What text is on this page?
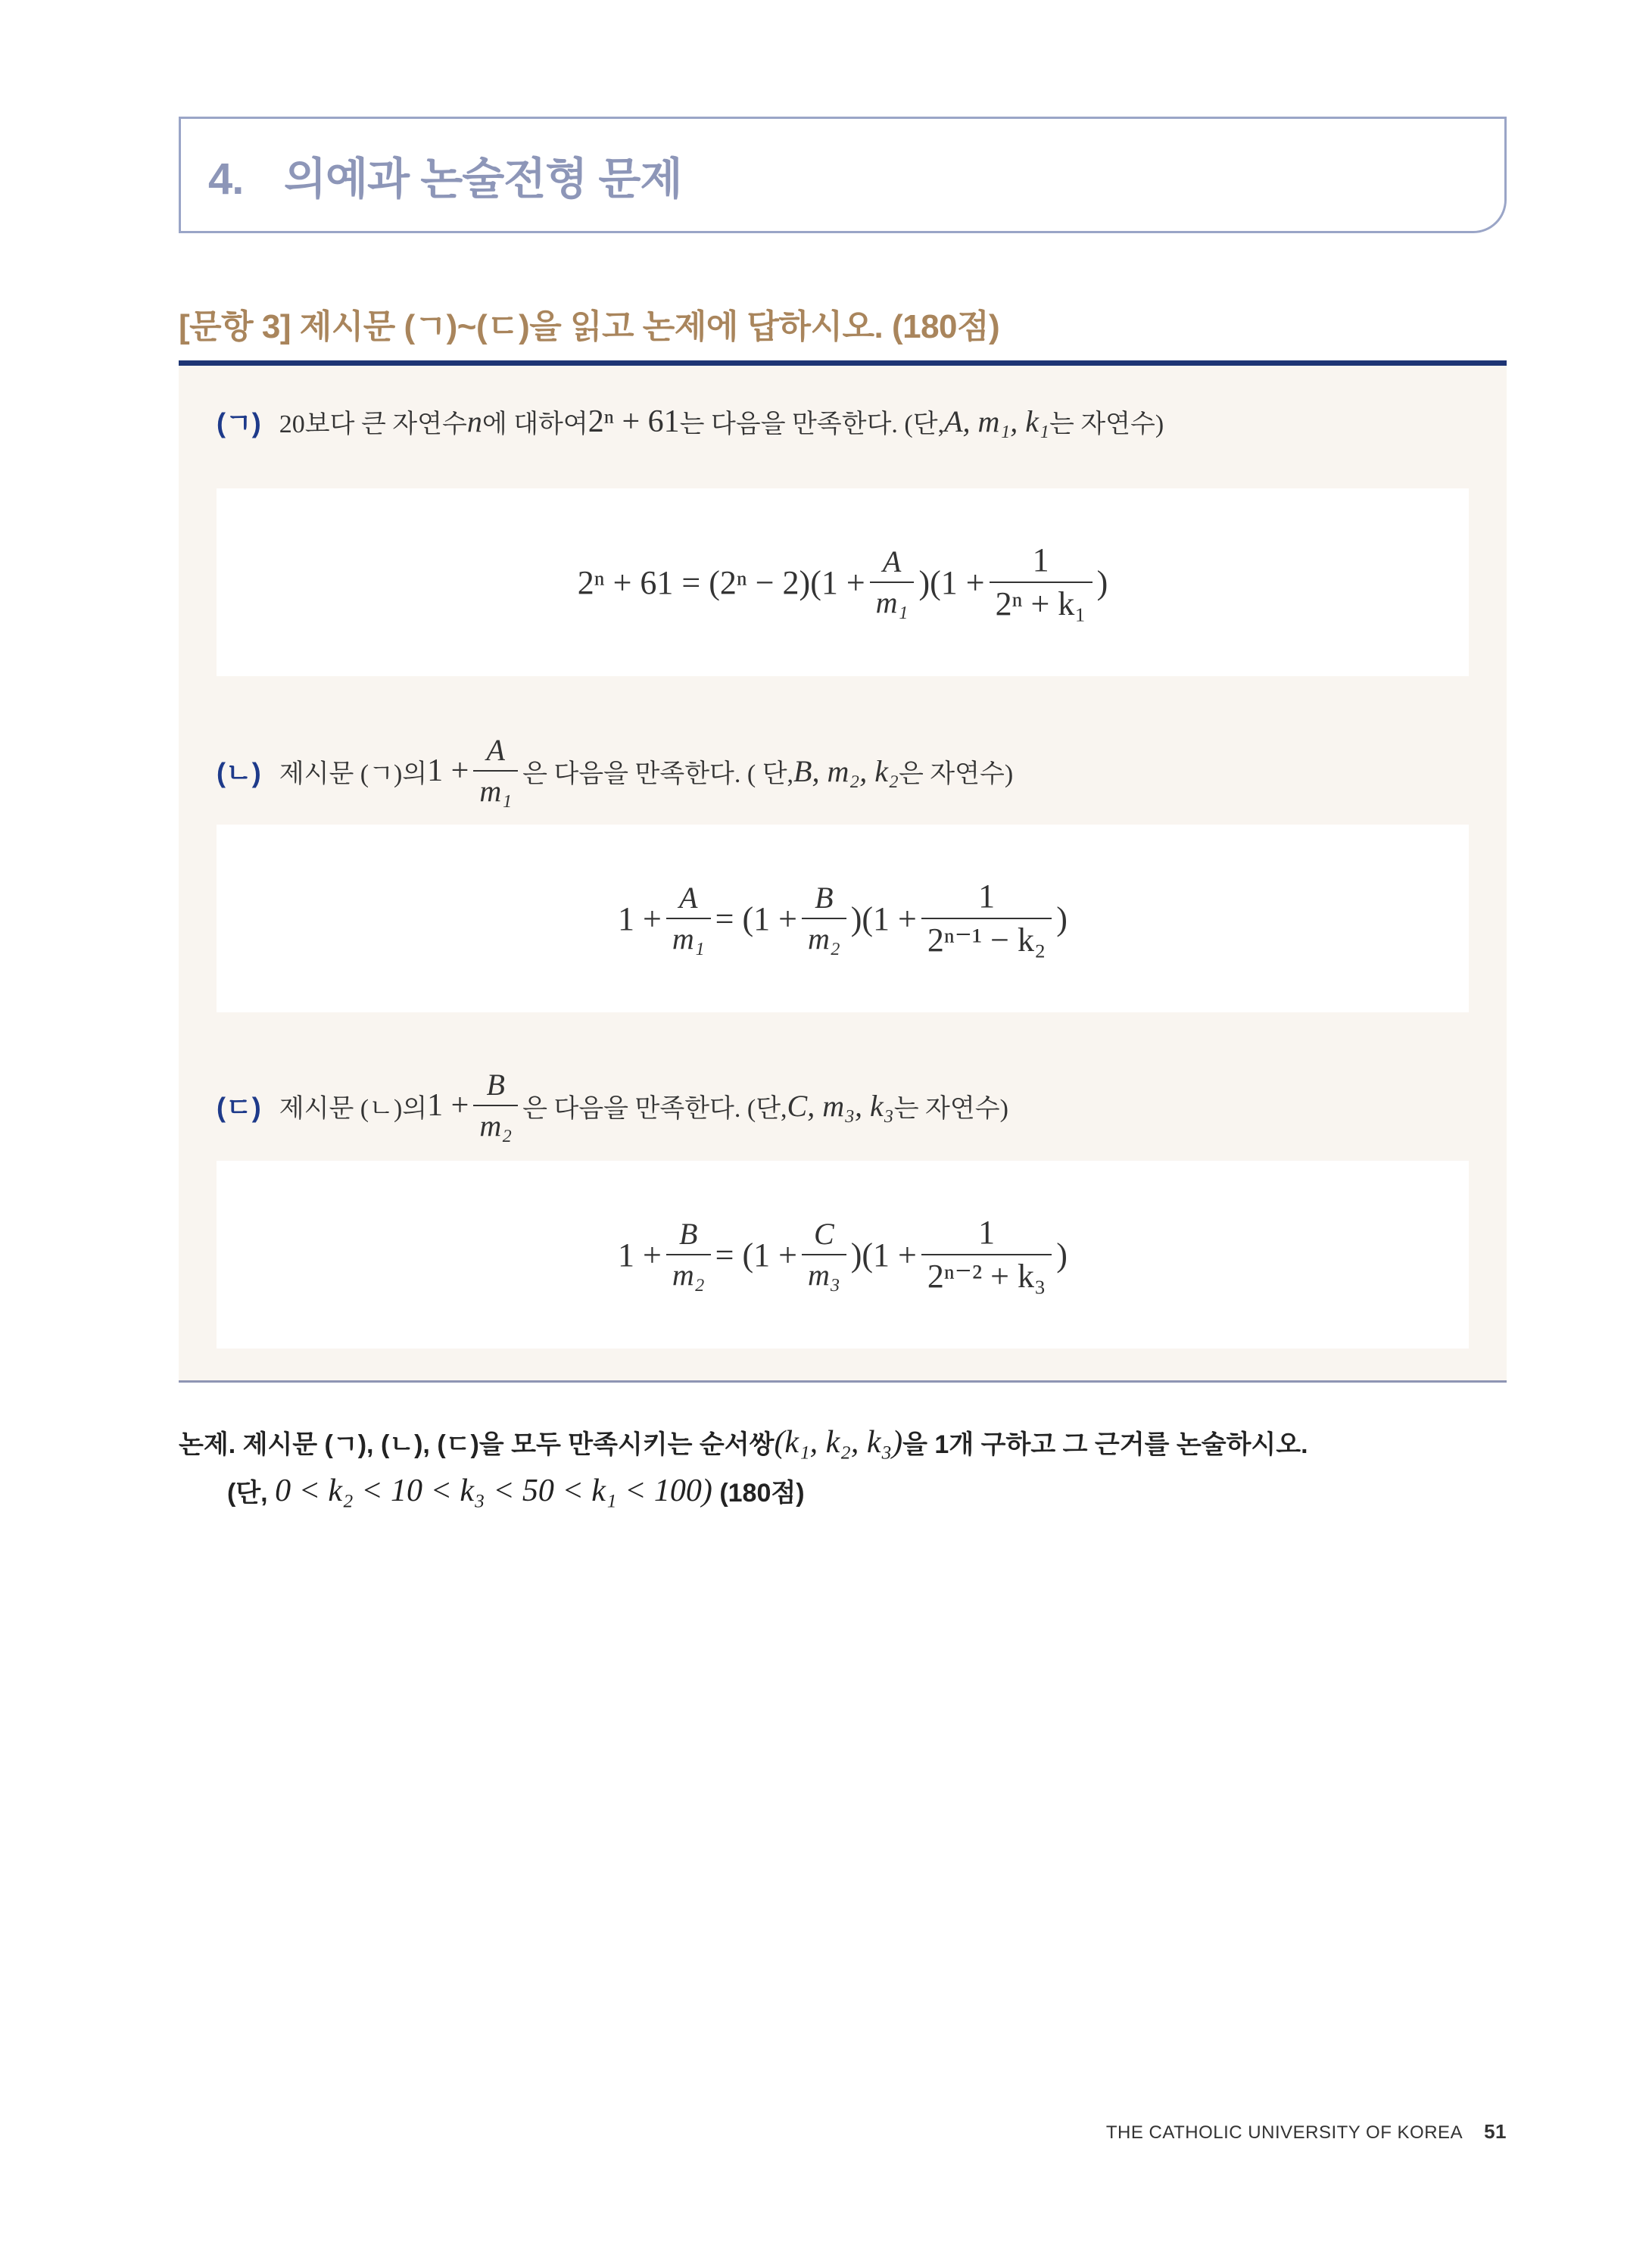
4. 의예과 논술전형 문제
[문항 3] 제시문 (ㄱ)~(ㄷ)을 읽고 논제에 답하시오. (180점)
(ㄱ) 20보다 큰 자연수 n 에 대하여 2ⁿ + 61 는 다음을 만족한다. (단, A, m₁, k₁ 는 자연수)
$2^n + 61 = (2^n - 2)(1 + \frac{A}{\text{m₁}} )(1 + \frac{1}{\text{2ⁿ + k₁}}$ )
(ㄴ) 제시문 (ㄱ)의 $1 + \frac{A}{\text{m₁}}$ 은 다음을 만족한다. ( 단, B, m₂, k₂ 은 자연수)
$1 + \frac{A}{\text{m₁}} = (1 + \frac{B}{\text{m₂}} )(1 + \frac{1}{\text{2ⁿ⁻¹ − k₂}}$ )
(ㄷ) 제시문 (ㄴ)의 $1 + \frac{B}{\text{m₂}}$ 은 다음을 만족한다. (단, C, m₃, k₃ 는 자연수)
$1 + \frac{B}{\text{m₂}} = (1 + \frac{C}{\text{m₃}} )(1 + \frac{1}{\text{2ⁿ⁻² + k₃}}$ )
논제. 제시문 (ㄱ), (ㄴ), (ㄷ)을 모두 만족시키는 순서쌍 (k₁, k₂, k₃) 을 1개 구하고 그 근거를 논술하시오.
(단,
0 < k₂ < 10 < k₃ < 50 < k₁ < 100)
(180점)
THE CATHOLIC UNIVERSITY OF KOREA 51
